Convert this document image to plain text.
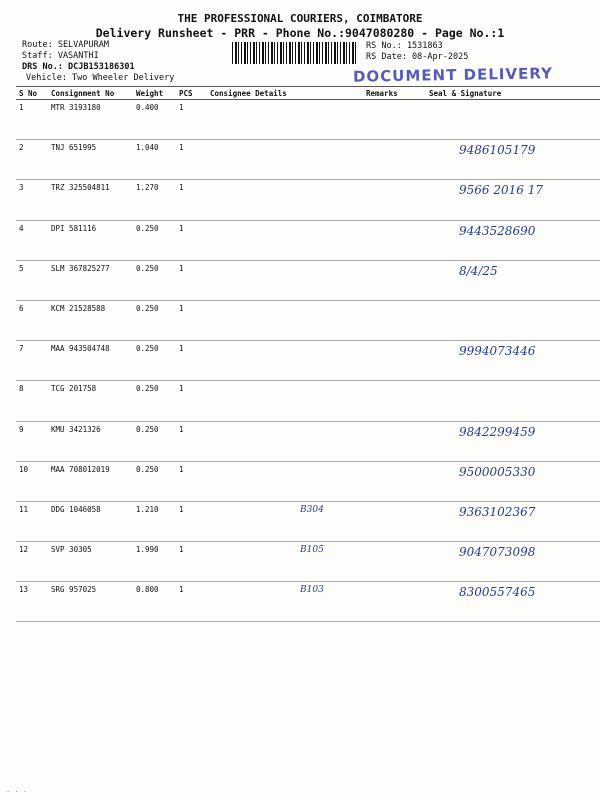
THE PROFESSIONAL COURIERS, COIMBATORE
Delivery Runsheet - PRR - Phone No.:9047080280 - Page No.:1
Route: SELVAPURAM
Staff: VASANTHI
DRS No.: DCJB153186301
Vehicle: Two Wheeler Delivery
RS No.: 1531863
RS Date: 08-Apr-2025
DOCUMENT DELIVERY
S No	Consignment No	Weight	PCS	Consignee Details	Remarks	Seal & Signature
1	MTR 3193180	0.400	1			
2	TNJ 651995	1.040	1			9486105179
3	TRZ 325504811	1.270	1			9566 2016 17
4	DPI 581116	0.250	1			9443528690
5	SLM 367825277	0.250	1			8/4/25
6	KCM 21528588	0.250	1			
7	MAA 943504748	0.250	1			9994073446
8	TCG 201758	0.250	1			
9	KMU 3421326	0.250	1			9842299459
10	MAA 708012019	0.250	1			9500005330
11	DDG 1046058	1.210	1	B304		9363102367
12	SVP 30305	1.990	1	B105		9047073098
13	SRG 957025	0.800	1	B103		8300557465
. . .
